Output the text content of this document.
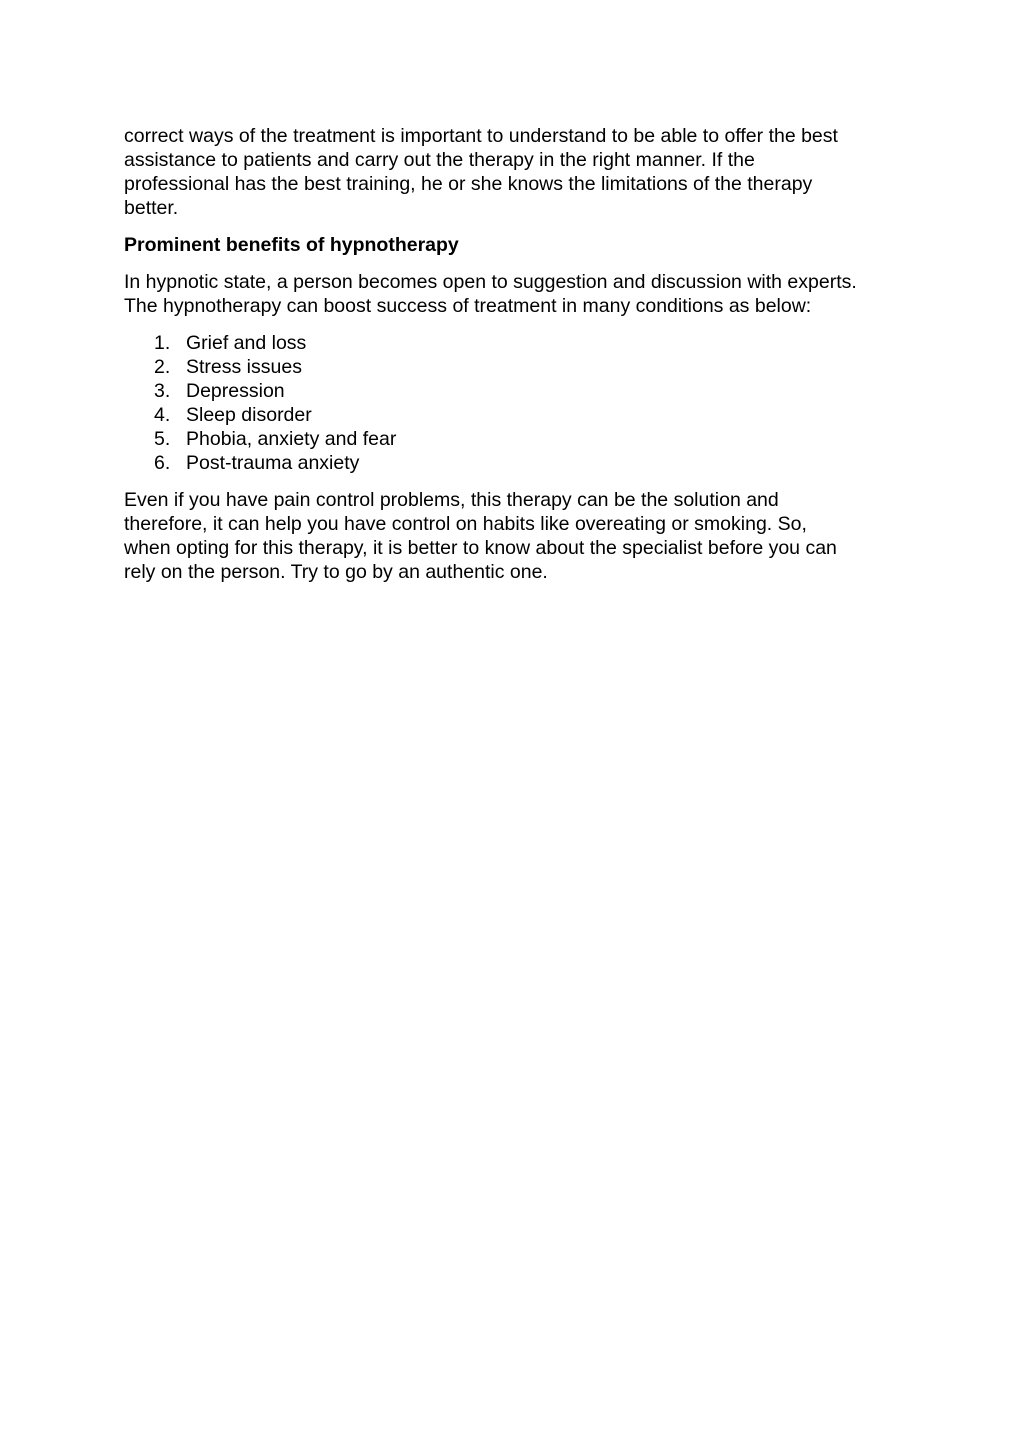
correct ways of the treatment is important to understand to be able to offer the best
assistance to patients and carry out the therapy in the right manner. If the
professional has the best training, he or she knows the limitations of the therapy
better.

Prominent benefits of hypnotherapy

In hypnotic state, a person becomes open to suggestion and discussion with experts.
The hypnotherapy can boost success of treatment in many conditions as below:

1. Grief and loss
2. Stress issues
3. Depression
4. Sleep disorder
5. Phobia, anxiety and fear
6. Post-trauma anxiety

Even if you have pain control problems, this therapy can be the solution and
therefore, it can help you have control on habits like overeating or smoking. So,
when opting for this therapy, it is better to know about the specialist before you can
rely on the person. Try to go by an authentic one.
